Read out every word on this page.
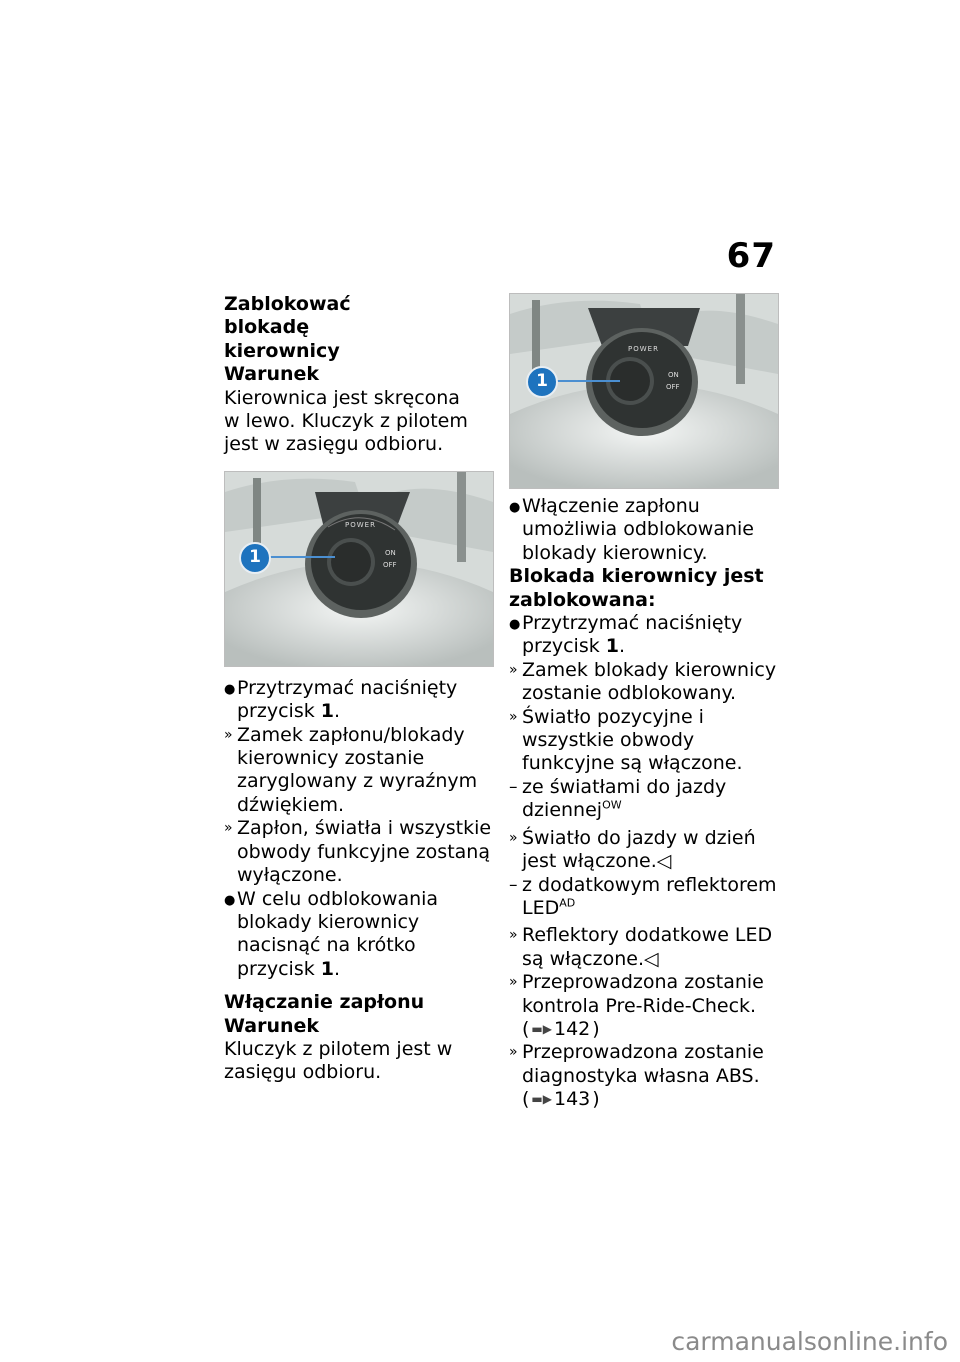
67
Zablokować blokadę kierownicy
Warunek

Kierownica jest skręcona w lewo. Kluczyk z pilotem jest w zasięgu odbioru.

POWER
ON
OFF
1
● Przytrzymać naciśnięty przycisk 1.
» Zamek zapłonu/blokady kierownicy zostanie zaryglowany z wyraźnym dźwiękiem.
» Zapłon, światła i wszystkie obwody funkcyjne zostaną wyłączone.
● W celu odblokowania blokady kierownicy nacisnąć na krótko przycisk 1.
Włączanie zapłonu
Warunek

Kluczyk z pilotem jest w zasięgu odbioru.

POWER
ON
OFF
1
● Włączenie zapłonu umożliwia odblokowanie blokady kierownicy.
Blokada kierownicy jest zablokowana:
● Przytrzymać naciśnięty przycisk 1.
» Zamek blokady kierownicy zostanie odblokowany.
» Światło pozycyjne i wszystkie obwody funkcyjne są włączone.
– ze światłami do jazdy dziennej$^{OW}$
» Światło do jazdy w dzień jest włączone.◁
– z dodatkowym reflektorem $LED^{AD}$
» Reflektory dodatkowe LED są włączone.◁
» Przeprowadzona zostanie kontrola Pre-Ride-Check.
( ▬▶ 142 )
» Przeprowadzona zostanie diagnostyka własna ABS.
( ▬▶ 143 )
carmanualsonline.info
